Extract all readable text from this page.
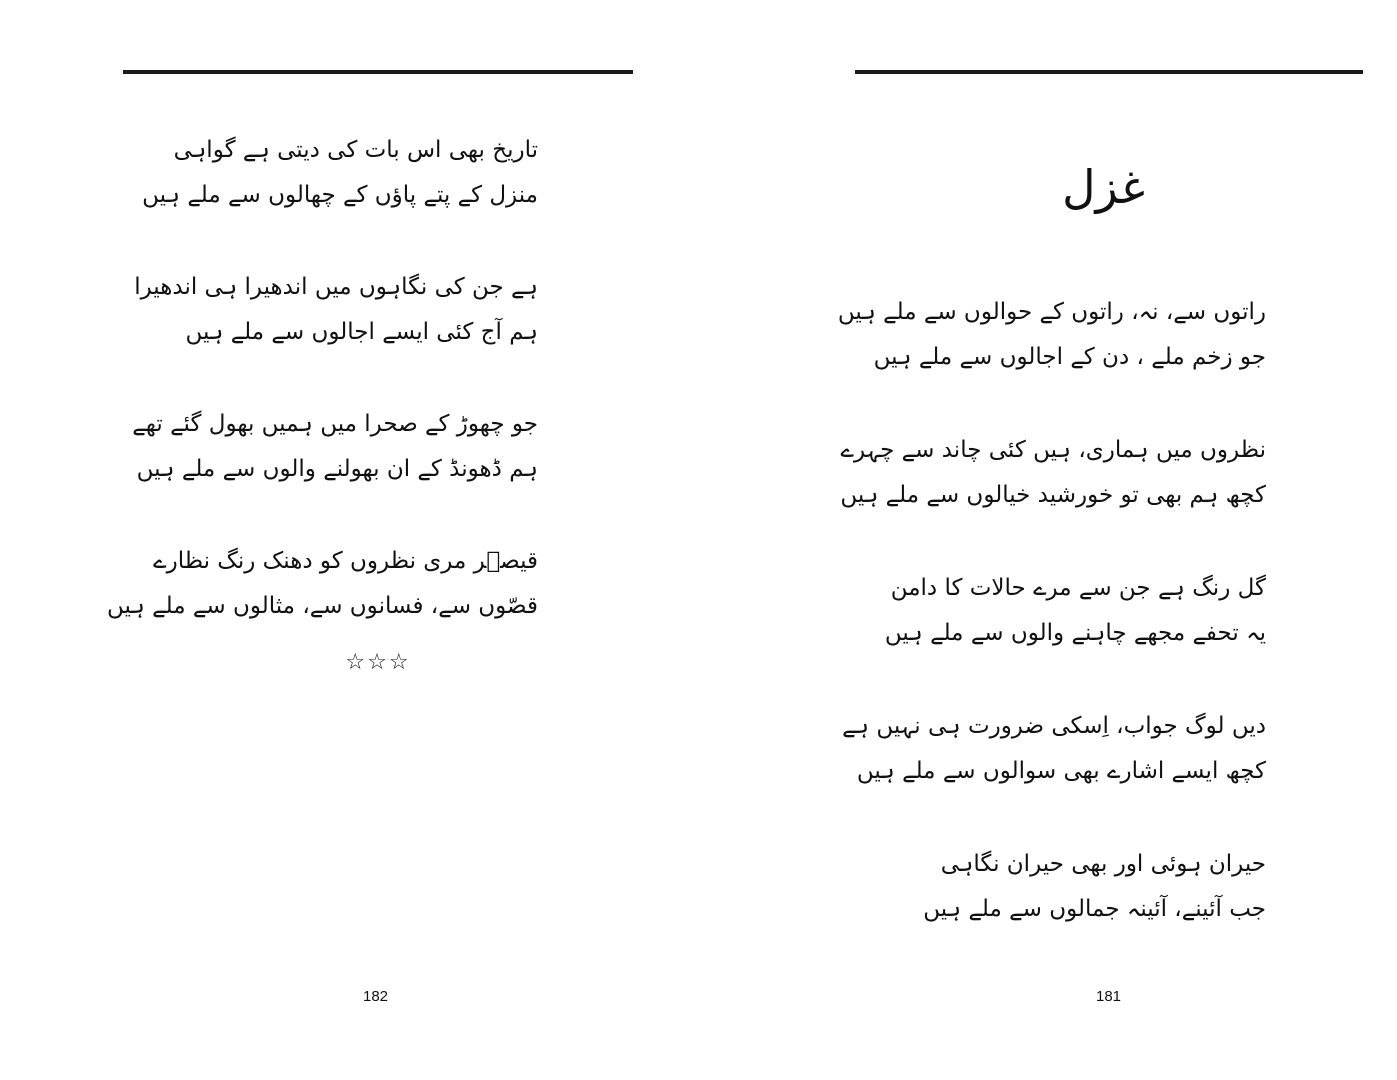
تاریخ بھی اس بات کی دیتی ہے گواہی
منزل کے پتے پاؤں کے چھالوں سے ملے ہیں
ہے جن کی نگاہوں میں اندھیرا ہی اندھیرا
ہم آج کئی ایسے اجالوں سے ملے ہیں
جو چھوڑ کے صحرا میں ہمیں بھول گئے تھے
ہم ڈھونڈ کے ان بھولنے والوں سے ملے ہیں
قیصؔر مری نظروں کو دھنک رنگ نظارے
قصّوں سے، فسانوں سے، مثالوں سے ملے ہیں
☆☆☆
182
غزل
راتوں سے، نہ، راتوں کے حوالوں سے ملے ہیں
جو زخم ملے ، دن کے اجالوں سے ملے ہیں
نظروں میں ہماری، ہیں کئی چاند سے چہرے
کچھ ہم بھی تو خورشید خیالوں سے ملے ہیں
گل رنگ ہے جن سے مرے حالات کا دامن
یہ تحفے مجھے چاہنے والوں سے ملے ہیں
دیں لوگ جواب، اِسکی ضرورت ہی نہیں ہے
کچھ ایسے اشارے بھی سوالوں سے ملے ہیں
حیران ہوئی اور بھی حیران نگاہی
جب آئینے، آئینہ جمالوں سے ملے ہیں
181
